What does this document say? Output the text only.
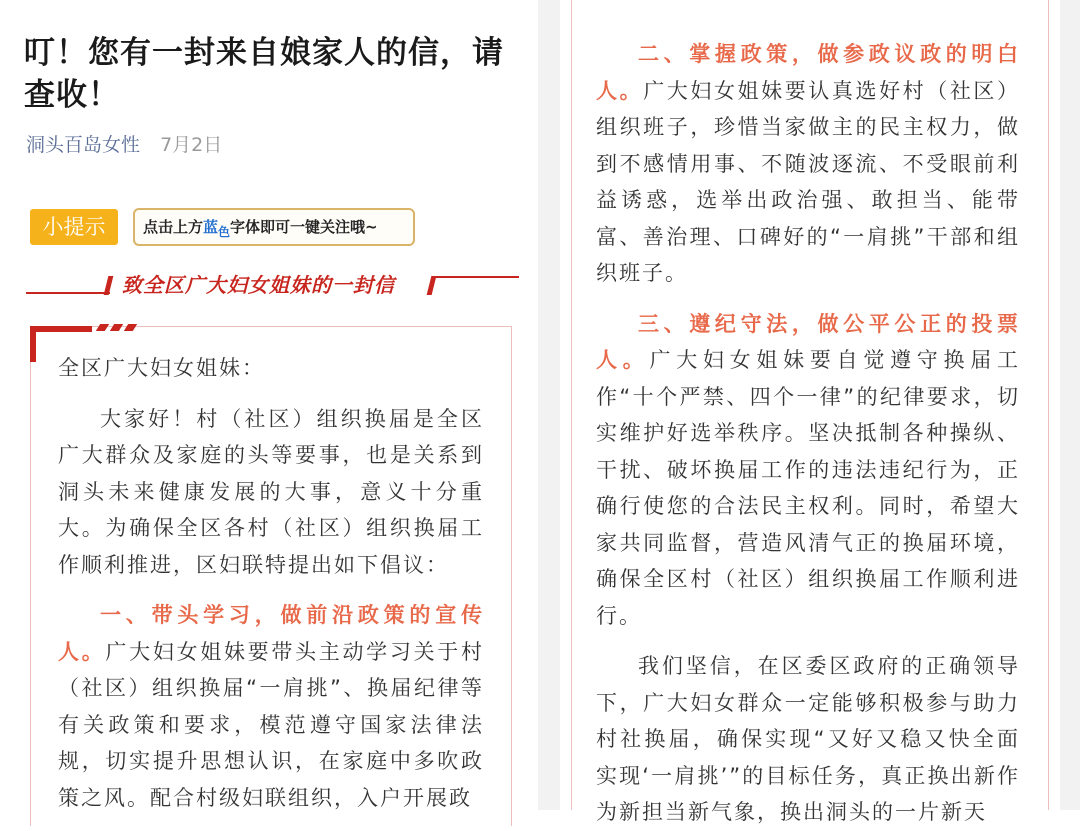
叮！您有一封来自娘家人的信，请查收！
洞头百岛女性 7月2日
小提示	点击上方蓝$_色$字体即可一键关注哦~
致全区广大妇女姐妹的一封信

全区广大妇女姐妹：

大家好！村（社区）组织换届是全区广大群众及家庭的头等要事，也是关系到洞头未来健康发展的大事，意义十分重大。为确保全区各村（社区）组织换届工作顺利推进，区妇联特提出如下倡议：

一、带头学习，做前沿政策的宣传人。广大妇女姐妹要带头主动学习关于村（社区）组织换届“一肩挑”、换届纪律等有关政策和要求，模范遵守国家法律法规，切实提升思想认识，在家庭中多吹政策之风。配合村级妇联组织，入户开展政

二、掌握政策，做参政议政的明白人。广大妇女姐妹要认真选好村（社区）组织班子，珍惜当家做主的民主权力，做到不感情用事、不随波逐流、不受眼前利益诱惑，选举出政治强、敢担当、能带富、善治理、口碑好的“一肩挑”干部和组织班子。

三、遵纪守法，做公平公正的投票人。广大妇女姐妹要自觉遵守换届工作“十个严禁、四个一律”的纪律要求，切实维护好选举秩序。坚决抵制各种操纵、干扰、破坏换届工作的违法违纪行为，正确行使您的合法民主权利。同时，希望大家共同监督，营造风清气正的换届环境，确保全区村（社区）组织换届工作顺利进行。

我们坚信，在区委区政府的正确领导下，广大妇女群众一定能够积极参与助力村社换届，确保实现“又好又稳又快全面实现‘一肩挑’”的目标任务，真正换出新作为新担当新气象，换出洞头的一片新天
